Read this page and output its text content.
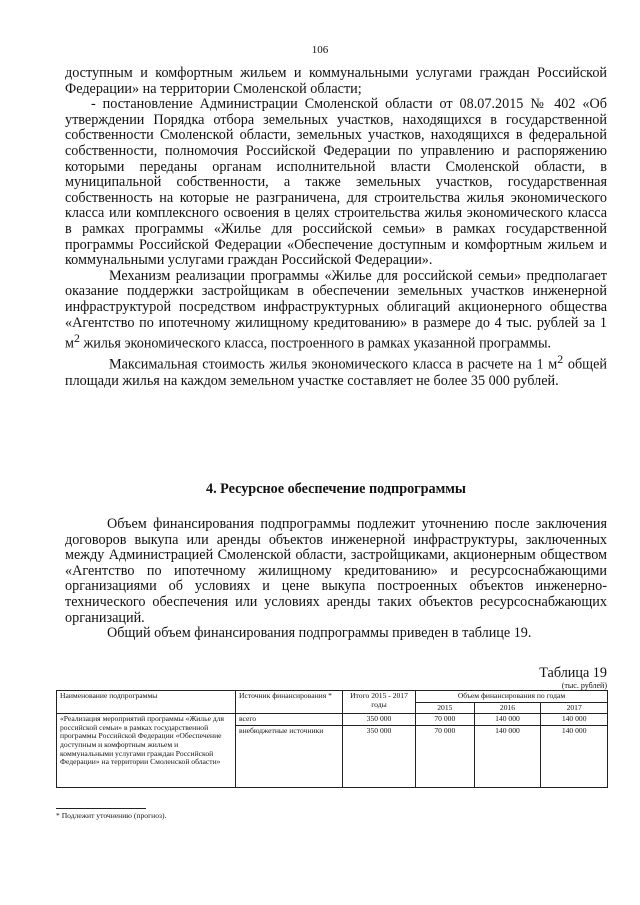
106

доступным и комфортным жильем и коммунальными услугами граждан Российской Федерации» на территории Смоленской области;

- постановление Администрации Смоленской области от 08.07.2015 № 402 «Об утверждении Порядка отбора земельных участков, находящихся в государственной собственности Смоленской области, земельных участков, находящихся в федеральной собственности, полномочия Российской Федерации по управлению и распоряжению которыми переданы органам исполнительной власти Смоленской области, в муниципальной собственности, а также земельных участков, государственная собственность на которые не разграничена, для строительства жилья экономического класса или комплексного освоения в целях строительства жилья экономического класса в рамках программы «Жилье для российской семьи» в рамках государственной программы Российской Федерации «Обеспечение доступным и комфортным жильем и коммунальными услугами граждан Российской Федерации».

Механизм реализации программы «Жилье для российской семьи» предполагает оказание поддержки застройщикам в обеспечении земельных участков инженерной инфраструктурой посредством инфраструктурных облигаций акционерного общества «Агентство по ипотечному жилищному кредитованию» в размере до 4 тыс. рублей за 1 $м^2$ жилья экономического класса, построенного в рамках указанной программы.

Максимальная стоимость жилья экономического класса в расчете на 1 $м^2$ общей площади жилья на каждом земельном участке составляет не более 35 000 рублей.

4. Ресурсное обеспечение подпрограммы

Объем финансирования подпрограммы подлежит уточнению после заключения договоров выкупа или аренды объектов инженерной инфраструктуры, заключенных между Администрацией Смоленской области, застройщиками, акционерным обществом «Агентство по ипотечному жилищному кредитованию» и ресурсоснабжающими организациями об условиях и цене выкупа построенных объектов инженерно-технического обеспечения или условиях аренды таких объектов ресурсоснабжающих организаций.

Общий объем финансирования подпрограммы приведен в таблице 19.

Таблица 19
(тыс. рублей)
Наименование подпрограммы	Источник финансирования *	Итого 2015 - 2017 годы	Объем финансирования по годам		
			2015	2016	2017
«Реализация мероприятий программы «Жилье для российской семьи» в рамках государственной программы Российской Федерации «Обеспечение доступным и комфортным жильем и коммунальными услугами граждан Российской Федерации» на территории Смоленской области»	всего	350 000	70 000	140 000	140 000
	внебюджетные источники	350 000	70 000	140 000	140 000
* Подлежит уточнению (прогноз).
